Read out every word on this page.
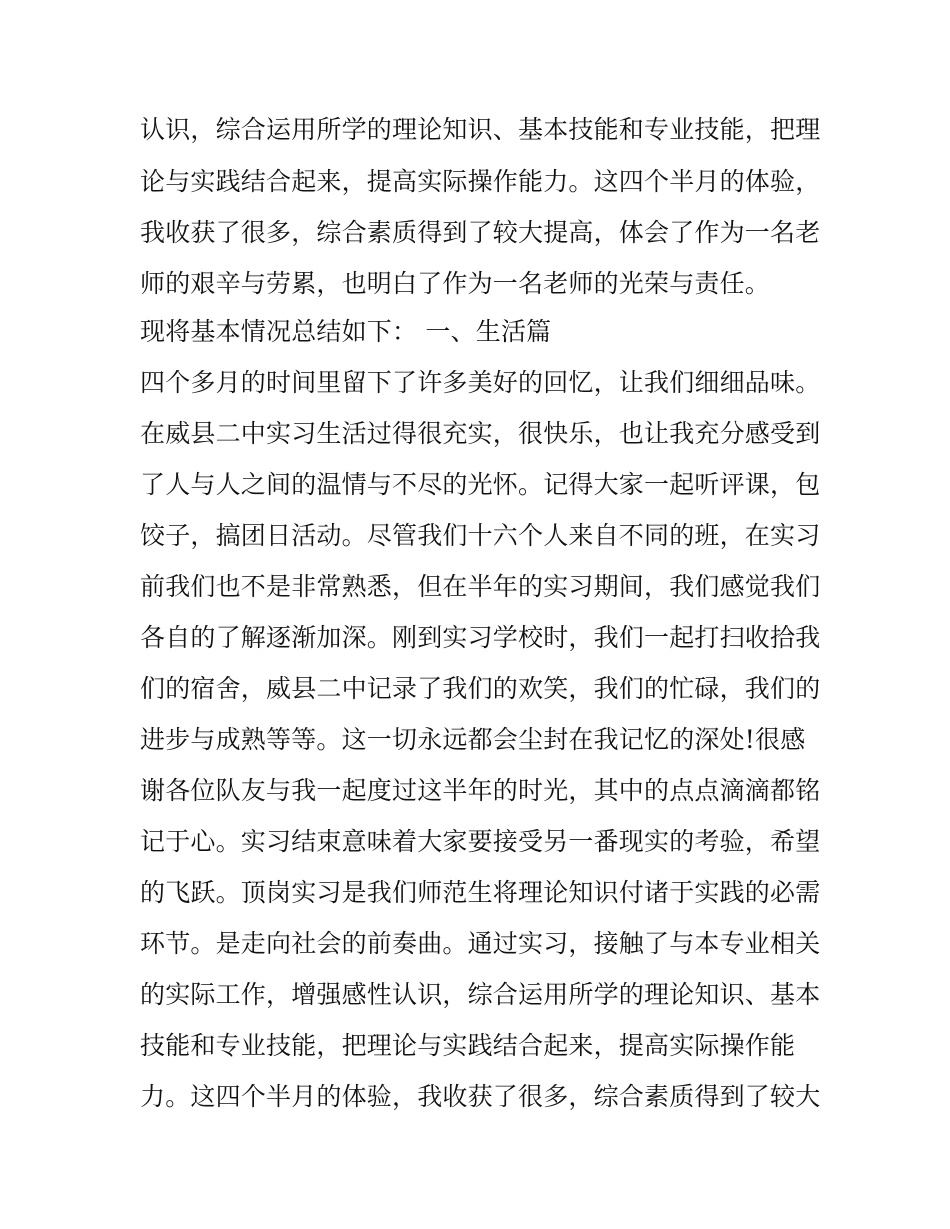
认识，综合运用所学的理论知识、基本技能和专业技能，把理
论与实践结合起来，提高实际操作能力。这四个半月的体验，
我收获了很多，综合素质得到了较大提高，体会了作为一名老
师的艰辛与劳累，也明白了作为一名老师的光荣与责任。
现将基本情况总结如下： 一、生活篇
四个多月的时间里留下了许多美好的回忆，让我们细细品味。
在威县二中实习生活过得很充实，很快乐，也让我充分感受到
了人与人之间的温情与不尽的光怀。记得大家一起听评课，包
饺子，搞团日活动。尽管我们十六个人来自不同的班，在实习
前我们也不是非常熟悉，但在半年的实习期间，我们感觉我们
各自的了解逐渐加深。刚到实习学校时，我们一起打扫收拾我
们的宿舍，威县二中记录了我们的欢笑，我们的忙碌，我们的
进步与成熟等等。这一切永远都会尘封在我记忆的深处!很感
谢各位队友与我一起度过这半年的时光，其中的点点滴滴都铭
记于心。实习结束意味着大家要接受另一番现实的考验，希望
的飞跃。顶岗实习是我们师范生将理论知识付诸于实践的必需
环节。是走向社会的前奏曲。通过实习，接触了与本专业相关
的实际工作，增强感性认识，综合运用所学的理论知识、基本
技能和专业技能，把理论与实践结合起来，提高实际操作能
力。这四个半月的体验，我收获了很多，综合素质得到了较大
